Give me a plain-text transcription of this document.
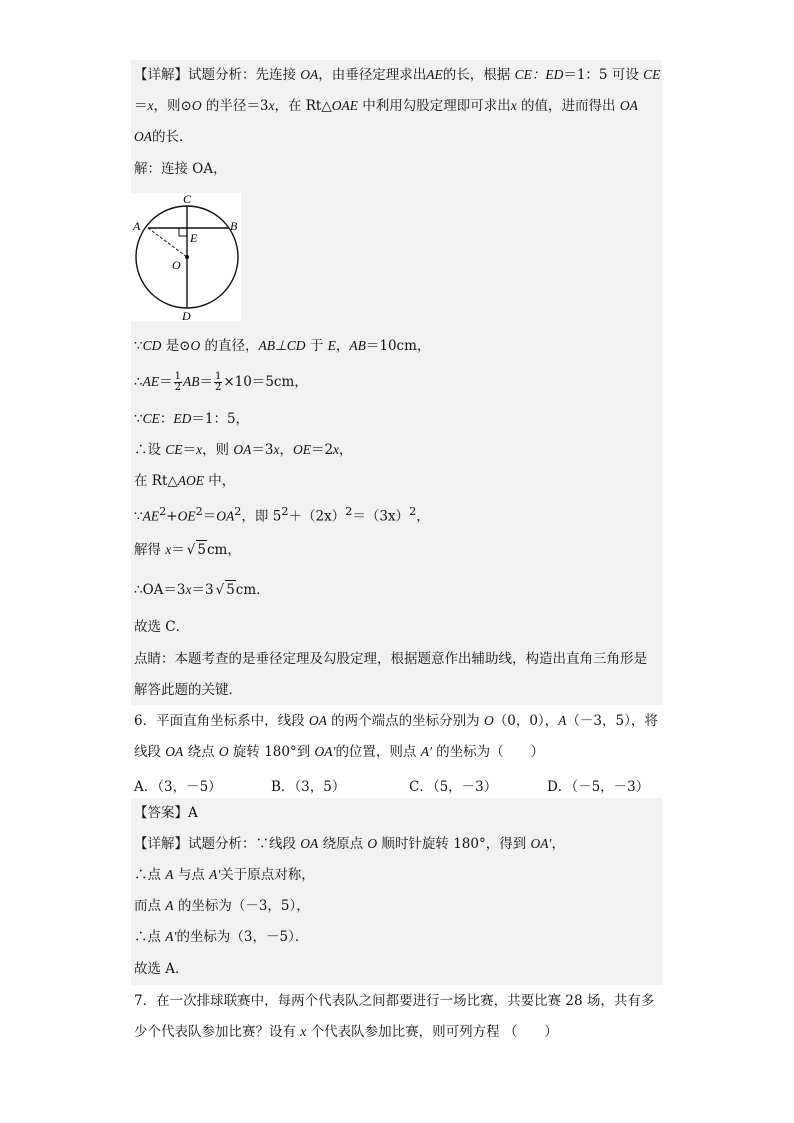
【详解】试题分析：先连接 OA，由垂径定理求出AE的长，根据 CE：ED＝1：5 可设 CE
＝x，则⊙O 的半径＝3x，在 Rt△OAE 中利用勾股定理即可求出x 的值，进而得出 OA
OA的长．
解：连接 OA，
C
A	B
E
O
D
∵CD 是⊙O 的直径，AB⊥CD 于 E，AB＝10cm，
∴AE＝ $\frac{1}{2} AB= \frac{1}{2} \times 10=5cm$，
∵CE：ED＝1：5，
∴设 CE＝x，则 OA＝3x，OE＝2x，
在 Rt△AOE 中，
$\because AE^2+OE^2=OA^2$，即 $5^2+(2x)^2=(3x)^2$，
解得 x＝ √ 5cm，
∴OA＝3x＝3 √ 5cm．
故选 C．
点睛：本题考查的是垂径定理及勾股定理，根据题意作出辅助线，构造出直角三角形是
解答此题的关键．
6．平面直角坐标系中，线段 OA 的两个端点的坐标分别为 O（0，0），A（－3，5），将
线段 OA 绕点 O 旋转 180°到 OA'的位置，则点 A' 的坐标为（　　）
A．（3，－5）	B．（3，5）	C．（5，－3）	D．（－5，－3）
【答案】A
【详解】试题分析：∵线段 OA 绕原点 O 顺时针旋转 180°，得到 OA'，
∴点 A 与点 A'关于原点对称，
而点 A 的坐标为（－3，5），
∴点 A'的坐标为（3，－5）．
故选 A．
7．在一次排球联赛中，每两个代表队之间都要进行一场比赛，共要比赛 28 场，共有多
少个代表队参加比赛？设有 x 个代表队参加比赛，则可列方程 （　　）
